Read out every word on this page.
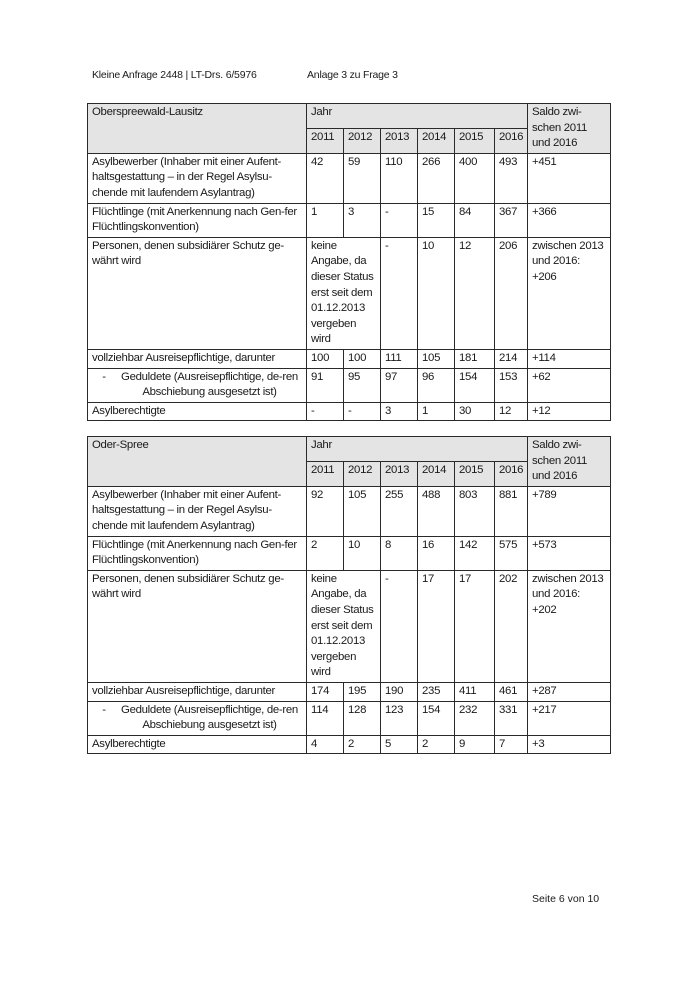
Kleine Anfrage 2448 | LT-Drs. 6/5976	Anlage 3 zu Frage 3
Oberspreewald-Lausitz	Jahr						Saldo zwi-schen 2011 und 2016
	2011	2012	2013	2014	2015	2016	
Asylbewerber (Inhaber mit einer Aufent-haltsgestattung – in der Regel Asylsu-chende mit laufendem Asylantrag)	42	59	110	266	400	493	+451
Flüchtlinge (mit Anerkennung nach Gen-fer Flüchtlingskonvention)	1	3	-	15	84	367	+366
Personen, denen subsidiärer Schutz ge-währt wird	keine Angabe, da dieser Status erst seit dem 01.12.2013 vergeben wird		-	10	12	206	zwischen 2013 und 2016: +206
vollziehbar Ausreisepflichtige, darunter	100	100	111	105	181	214	+114

- Geduldete (Ausreisepflichtige, de-ren Abschiebung ausgesetzt ist)	91	95	97	96	154	153	+62
Asylberechtigte	-	-	3	1	30	12	+12
Oder-Spree	Jahr						Saldo zwi-schen 2011 und 2016
	2011	2012	2013	2014	2015	2016	
Asylbewerber (Inhaber mit einer Aufent-haltsgestattung – in der Regel Asylsu-chende mit laufendem Asylantrag)	92	105	255	488	803	881	+789
Flüchtlinge (mit Anerkennung nach Gen-fer Flüchtlingskonvention)	2	10	8	16	142	575	+573
Personen, denen subsidiärer Schutz ge-währt wird	keine Angabe, da dieser Status erst seit dem 01.12.2013 vergeben wird		-	17	17	202	zwischen 2013 und 2016: +202
vollziehbar Ausreisepflichtige, darunter	174	195	190	235	411	461	+287

- Geduldete (Ausreisepflichtige, de-ren Abschiebung ausgesetzt ist)	114	128	123	154	232	331	+217
Asylberechtigte	4	2	5	2	9	7	+3
Seite 6 von 10
